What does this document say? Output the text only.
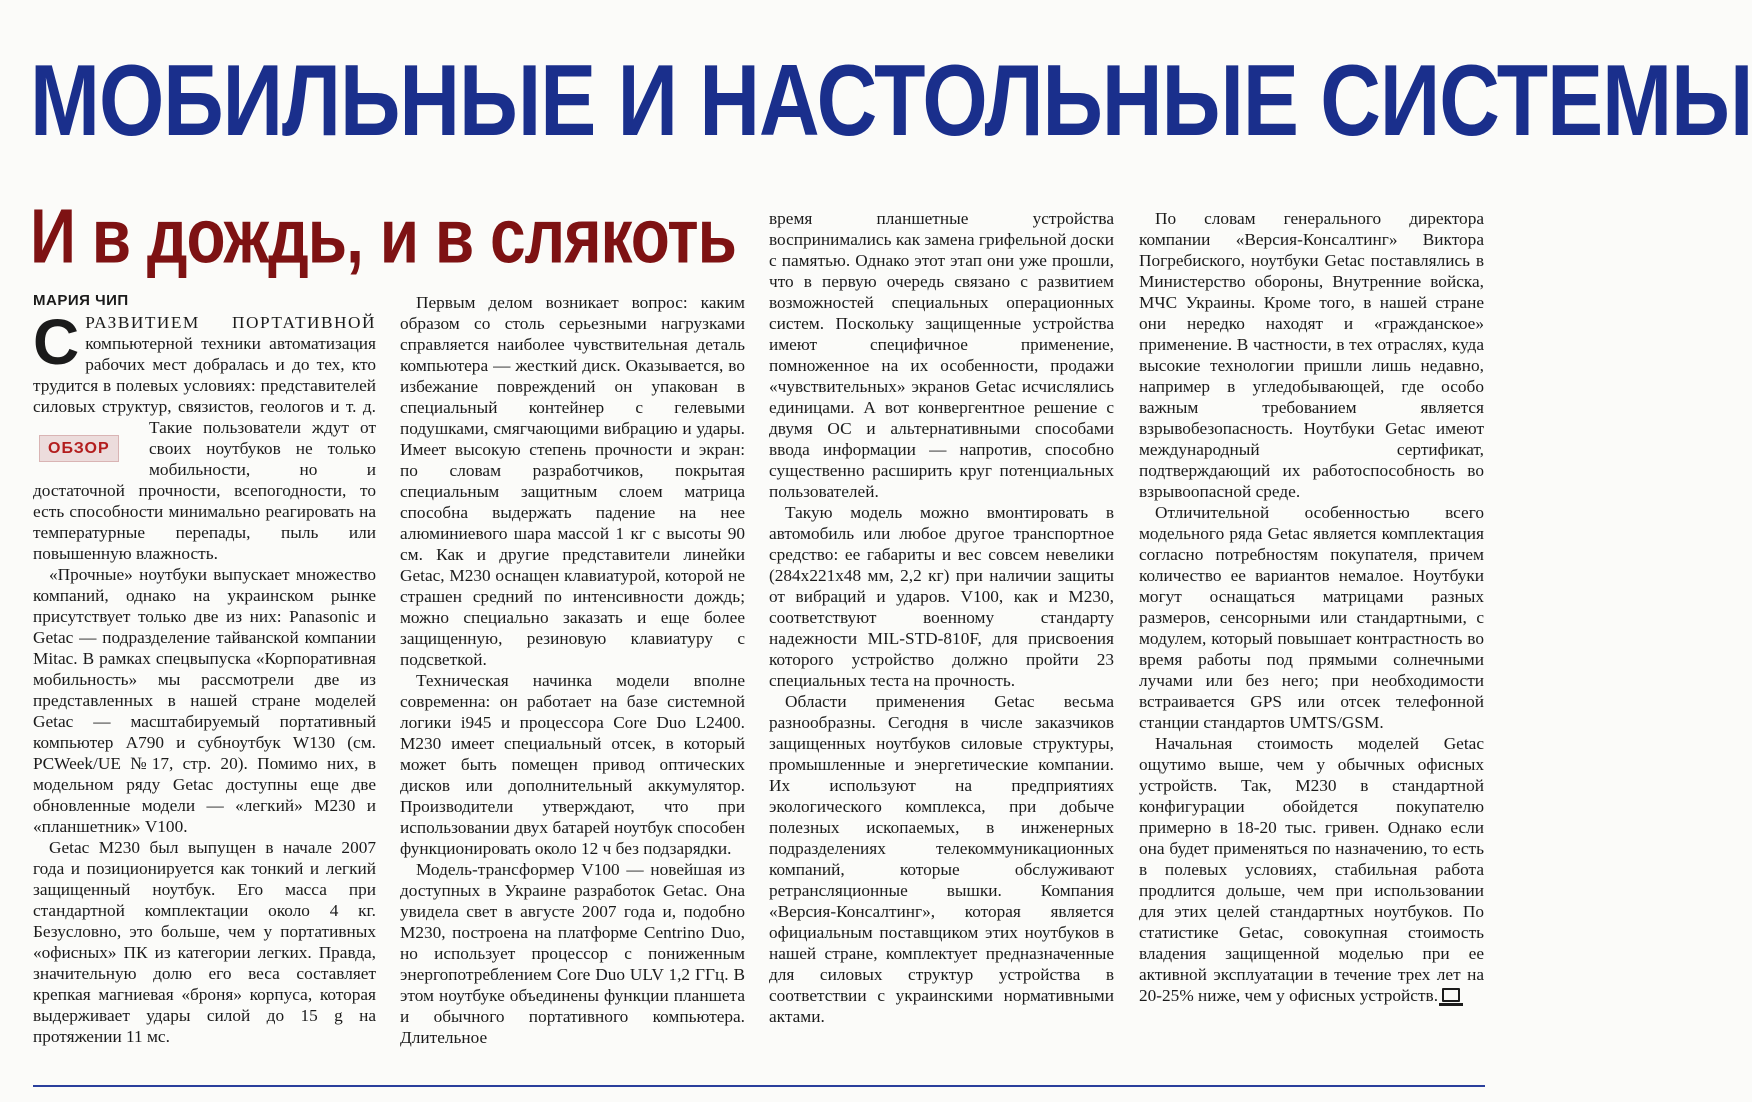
МОБИЛЬНЫЕ И НАСТОЛЬНЫЕ СИСТЕМЫ
И в дождь, и в слякоть
МАРИЯ ЧИП

СРАЗВИТИЕМ ПОРТАТИВНОЙ компьютерной техники автоматизация рабочих мест добралась и до тех, кто трудится в полевых условиях: представителей силовых структур, связистов, геологов и т. д. Такие пользователи
ОБЗОР
ждут от своих ноутбуков не только мобильности, но и достаточной прочности, всепогодности, то есть способности минимально реагировать на температурные перепады, пыль или повышенную влажность.

«Прочные» ноутбуки выпускает множество компаний, однако на украинском рынке присутствует только две из них: Panasonic и Getac — подразделение тайванской компании Mitac. В рамках спецвыпуска «Корпоративная мобильность» мы рассмотрели две из представленных в нашей стране моделей Getac — масштабируемый портативный компьютер A790 и субноутбук W130 (см. PCWeek/UE №17, стр. 20). Помимо них, в модельном ряду Getac доступны еще две обновленные модели — «легкий» M230 и «планшетник» V100.

Getac M230 был выпущен в начале 2007 года и позиционируется как тонкий и легкий защищенный ноутбук. Его масса при стандартной комплектации около 4 кг. Безусловно, это больше, чем у портативных «офисных» ПК из категории легких. Правда, значительную долю его веса составляет крепкая магниевая «броня» корпуса, которая выдерживает удары силой до 15 g на протяжении 11 мс.

Первым делом возникает вопрос: каким образом со столь серьезными нагрузками справляется наиболее чувствительная деталь компьютера — жесткий диск. Оказывается, во избежание повреждений он упакован в специальный контейнер с гелевыми подушками, смягчающими вибрацию и удары. Имеет высокую степень прочности и экран: по словам разработчиков, покрытая специальным защитным слоем матрица способна выдержать падение на нее алюминиевого шара массой 1 кг с высоты 90 см. Как и другие представители линейки Getac, M230 оснащен клавиатурой, которой не страшен средний по интенсивности дождь; можно специально заказать и еще более защищенную, резиновую клавиатуру с подсветкой.

Техническая начинка модели вполне современна: он работает на базе системной логики i945 и процессора Core Duo L2400. M230 имеет специальный отсек, в который может быть помещен привод оптических дисков или дополнительный аккумулятор. Производители утверждают, что при использовании двух батарей ноутбук способен функционировать около 12 ч без подзарядки.

Модель-трансформер V100 — новейшая из доступных в Украине разработок Getac. Она увидела свет в августе 2007 года и, подобно M230, построена на платформе Centrino Duo, но использует процессор с пониженным энергопотреблением Core Duo ULV 1,2 ГГц. В этом ноутбуке объединены функции планшета и обычного портативного компьютера. Длительное

время планшетные устройства воспринимались как замена грифельной доски с памятью. Однако этот этап они уже прошли, что в первую очередь связано с развитием возможностей специальных операционных систем. Поскольку защищенные устройства имеют специфичное применение, помноженное на их особенности, продажи «чувствительных» экранов Getac исчислялись единицами. А вот конвергентное решение с двумя ОС и альтернативными способами ввода информации — напротив, способно существенно расширить круг потенциальных пользователей.

Такую модель можно вмонтировать в автомобиль или любое другое транспортное средство: ее габариты и вес совсем невелики (284x221x48 мм, 2,2 кг) при наличии защиты от вибраций и ударов. V100, как и M230, соответствуют военному стандарту надежности MIL-STD-810F, для присвоения которого устройство должно пройти 23 специальных теста на прочность.

Области применения Getac весьма разнообразны. Сегодня в числе заказчиков защищенных ноутбуков силовые структуры, промышленные и энергетические компании. Их используют на предприятиях экологического комплекса, при добыче полезных ископаемых, в инженерных подразделениях телекоммуникационных компаний, которые обслуживают ретрансляционные вышки. Компания «Версия-Консалтинг», которая является официальным поставщиком этих ноутбуков в нашей стране, комплектует предназначенные для силовых структур устройства в соответствии с украинскими нормативными актами.

По словам генерального директора компании «Версия-Консалтинг» Виктора Погребиского, ноутбуки Getac поставлялись в Министерство обороны, Внутренние войска, МЧС Украины. Кроме того, в нашей стране они нередко находят и «гражданское» применение. В частности, в тех отраслях, куда высокие технологии пришли лишь недавно, например в угледобывающей, где особо важным требованием является взрывобезопасность. Ноутбуки Getac имеют международный сертификат, подтверждающий их работоспособность во взрывоопасной среде.

Отличительной особенностью всего модельного ряда Getac является комплектация согласно потребностям покупателя, причем количество ее вариантов немалое. Ноутбуки могут оснащаться матрицами разных размеров, сенсорными или стандартными, с модулем, который повышает контрастность во время работы под прямыми солнечными лучами или без него; при необходимости встраивается GPS или отсек телефонной станции стандартов UMTS/GSM.

Начальная стоимость моделей Getac ощутимо выше, чем у обычных офисных устройств. Так, M230 в стандартной конфигурации обойдется покупателю примерно в 18-20 тыс. гривен. Однако если она будет применяться по назначению, то есть в полевых условиях, стабильная работа продлится дольше, чем при использовании для этих целей стандартных ноутбуков. По статистике Getac, совокупная стоимость владения защищенной моделью при ее активной эксплуатации в течение трех лет на 20-25% ниже, чем у офисных устройств.
